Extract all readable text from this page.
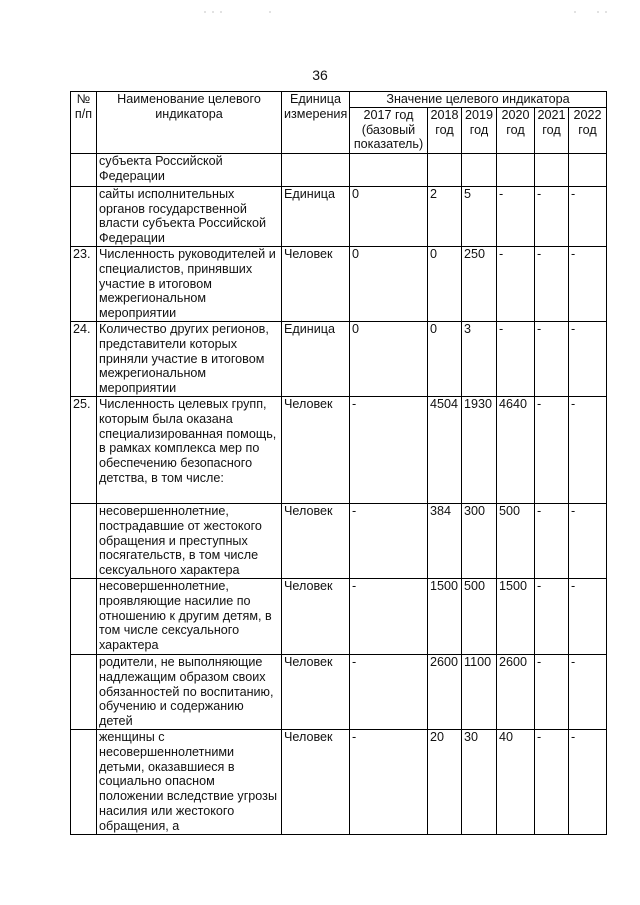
36
№ п/п	Наименование целевого индикатора	Единица измерения	Значение целевого индикатора					
			2017 год (базовый показатель)	2018 год	2019 год	2020 год	2021 год	2022 год
	субъекта Российской Федерации							
	сайты исполнительных органов государственной власти субъекта Российской Федерации	Единица	0	2	5	-	-	-
23.	Численность руководителей и специалистов, принявших участие в итоговом межрегиональном мероприятии	Человек	0	0	250	-	-	-
24.	Количество других регионов, представители которых приняли участие в итоговом межрегиональном мероприятии	Единица	0	0	3	-	-	-
25.	Численность целевых групп, которым была оказана специализированная помощь, в рамках комплекса мер по обеспечению безопасного детства, в том числе:	Человек	-	4504	1930	4640	-	-
	несовершеннолетние, пострадавшие от жестокого обращения и преступных посягательств, в том числе сексуального характера	Человек	-	384	300	500	-	-
	несовершеннолетние, проявляющие насилие по отношению к другим детям, в том числе сексуального характера	Человек	-	1500	500	1500	-	-
	родители, не выполняющие надлежащим образом своих обязанностей по воспитанию, обучению и содержанию детей	Человек	-	2600	1100	2600	-	-
	женщины с несовершеннолетними детьми, оказавшиеся в социально опасном положении вследствие угрозы насилия или жестокого обращения, а	Человек	-	20	30	40	-	-
